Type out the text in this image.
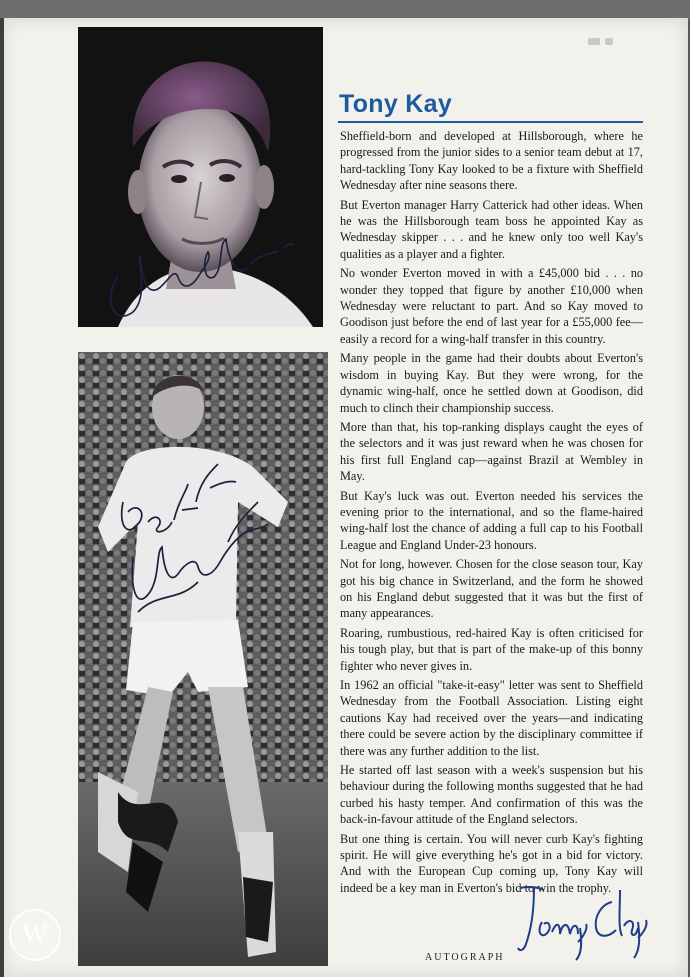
Tony Kay

Sheffield-born and developed at Hillsborough, where he progressed from the junior sides to a senior team debut at 17, hard-tackling Tony Kay looked to be a fixture with Sheffield Wednesday after nine seasons there.

But Everton manager Harry Catterick had other ideas. When he was the Hillsborough team boss he appointed Kay as Wednesday skipper . . . and he knew only too well Kay's qualities as a player and a fighter.

No wonder Everton moved in with a £45,000 bid . . . no wonder they topped that figure by another £10,000 when Wednesday were reluctant to part. And so Kay moved to Goodison just before the end of last year for a £55,000 fee—easily a record for a wing-half transfer in this country.

Many people in the game had their doubts about Everton's wisdom in buying Kay. But they were wrong, for the dynamic wing-half, once he settled down at Goodison, did much to clinch their championship success.

More than that, his top-ranking displays caught the eyes of the selectors and it was just reward when he was chosen for his first full England cap—against Brazil at Wembley in May.

But Kay's luck was out. Everton needed his services the evening prior to the international, and so the flame-haired wing-half lost the chance of adding a full cap to his Football League and England Under-23 honours.

Not for long, however. Chosen for the close season tour, Kay got his big chance in Switzerland, and the form he showed on his England debut suggested that it was but the first of many appearances.

Roaring, rumbustious, red-haired Kay is often criticised for his tough play, but that is part of the make-up of this bonny fighter who never gives in.

In 1962 an official "take-it-easy" letter was sent to Sheffield Wednesday from the Football Association. Listing eight cautions Kay had received over the years—and indicating there could be severe action by the disciplinary committee if there was any further addition to the list.

He started off last season with a week's suspension but his behaviour during the following months suggested that he had curbed his hasty temper. And confirmation of this was the back-in-favour attitude of the England selectors.

But one thing is certain. You will never curb Kay's fighting spirit. He will give everything he's got in a bid for victory. And with the European Cup coming up, Tony Kay will indeed be a key man in Everton's bid to win the trophy.

AUTOGRAPH
W
